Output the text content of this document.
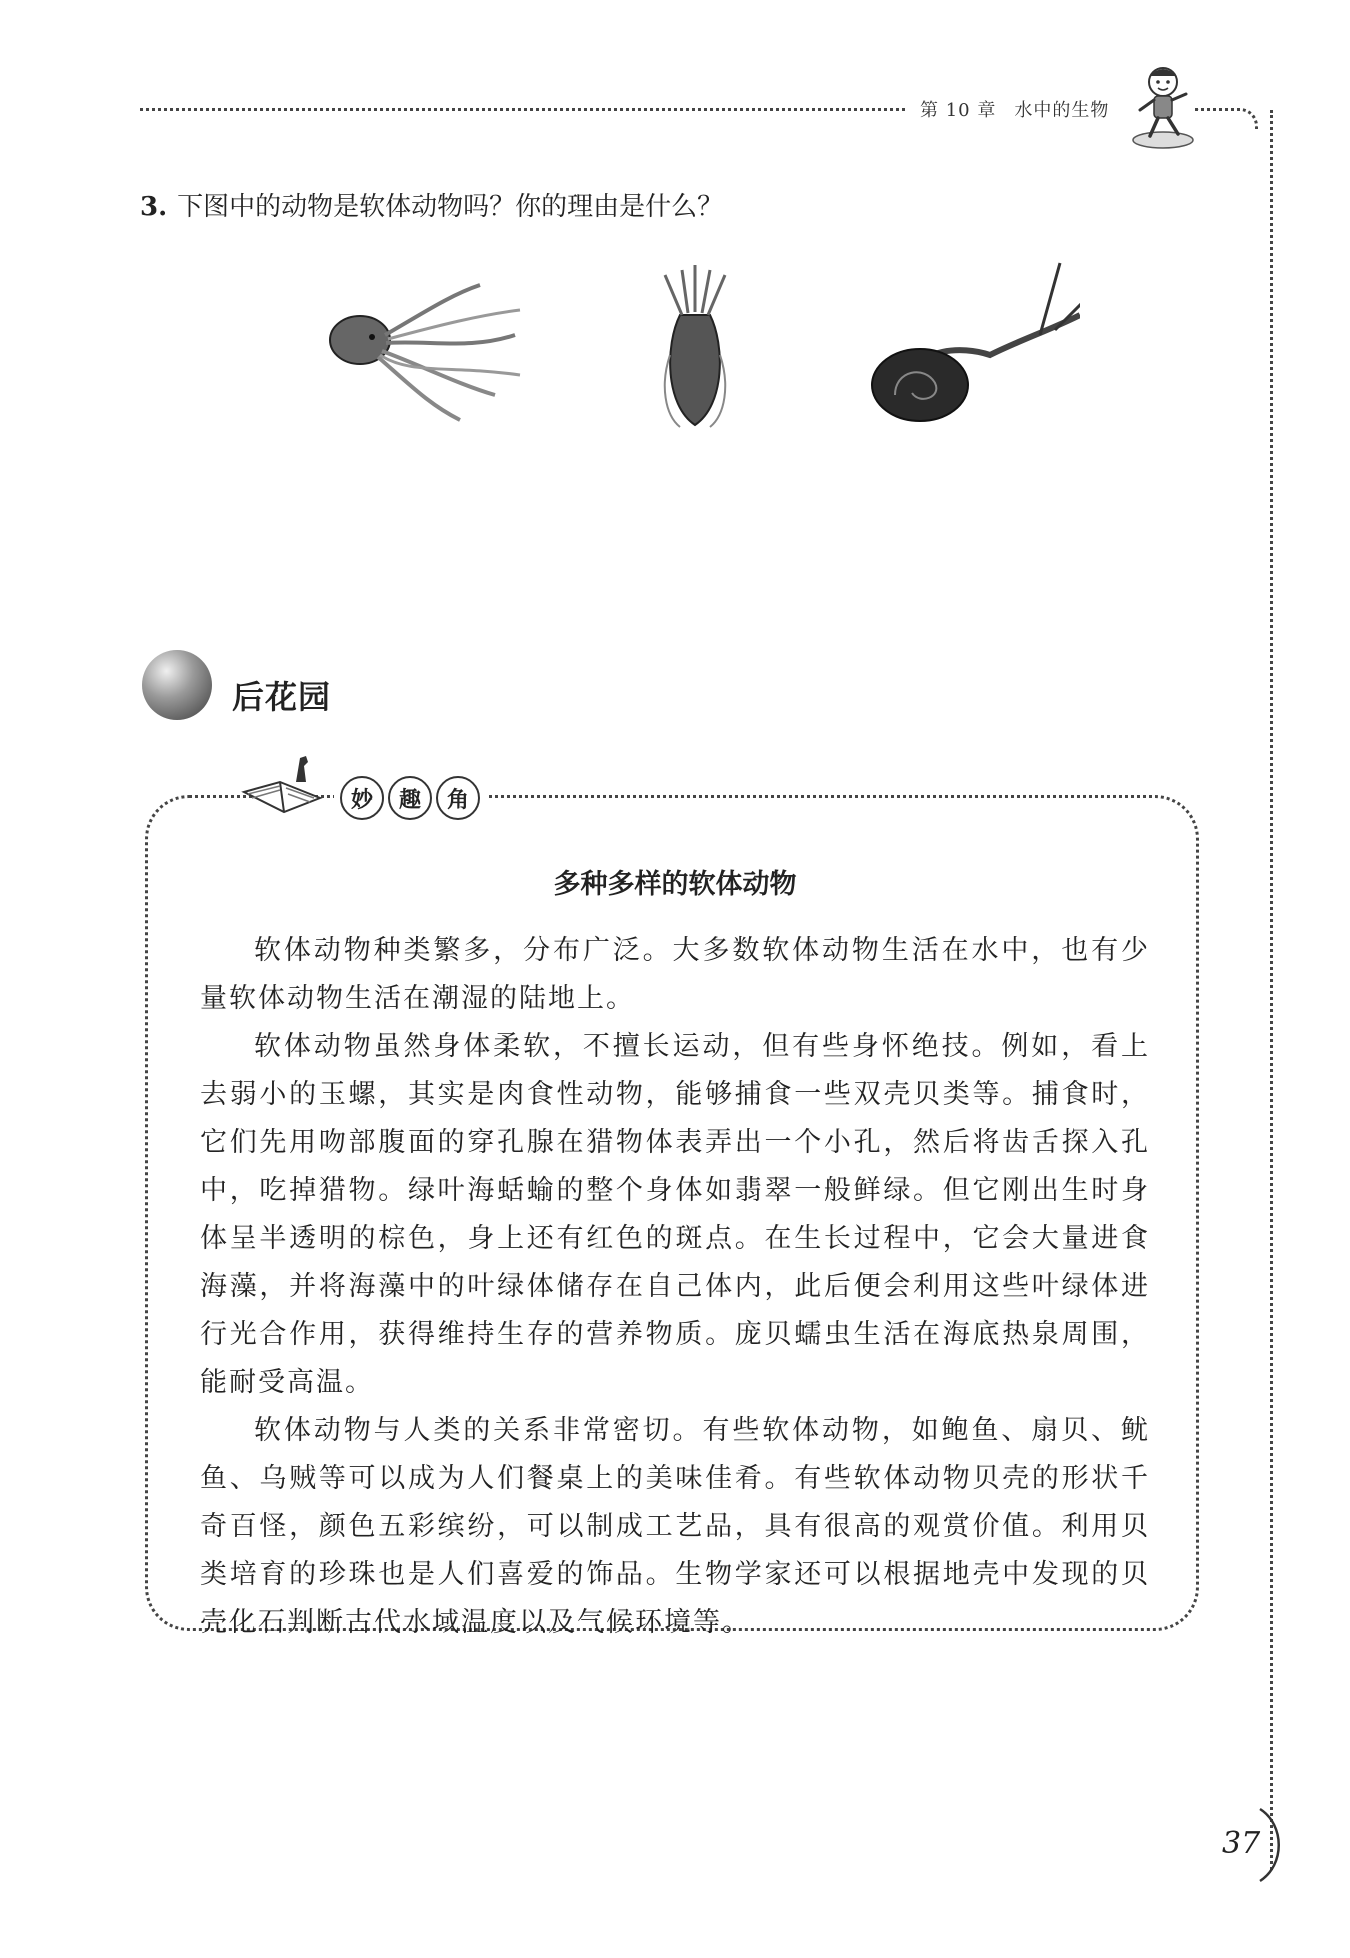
第 10 章 水中的生物
3. 下图中的动物是软体动物吗？你的理由是什么？
后花园
妙	趣	角
多种多样的软体动物

软体动物种类繁多，分布广泛。大多数软体动物生活在水中，也有少量软体动物生活在潮湿的陆地上。

软体动物虽然身体柔软，不擅长运动，但有些身怀绝技。例如，看上去弱小的玉螺，其实是肉食性动物，能够捕食一些双壳贝类等。捕食时，它们先用吻部腹面的穿孔腺在猎物体表弄出一个小孔，然后将齿舌探入孔中，吃掉猎物。绿叶海蛞蝓的整个身体如翡翠一般鲜绿。但它刚出生时身体呈半透明的棕色，身上还有红色的斑点。在生长过程中，它会大量进食海藻，并将海藻中的叶绿体储存在自己体内，此后便会利用这些叶绿体进行光合作用，获得维持生存的营养物质。庞贝蠕虫生活在海底热泉周围，能耐受高温。

软体动物与人类的关系非常密切。有些软体动物，如鲍鱼、扇贝、鱿鱼、乌贼等可以成为人们餐桌上的美味佳肴。有些软体动物贝壳的形状千奇百怪，颜色五彩缤纷，可以制成工艺品，具有很高的观赏价值。利用贝类培育的珍珠也是人们喜爱的饰品。生物学家还可以根据地壳中发现的贝壳化石判断古代水域温度以及气候环境等。

37
